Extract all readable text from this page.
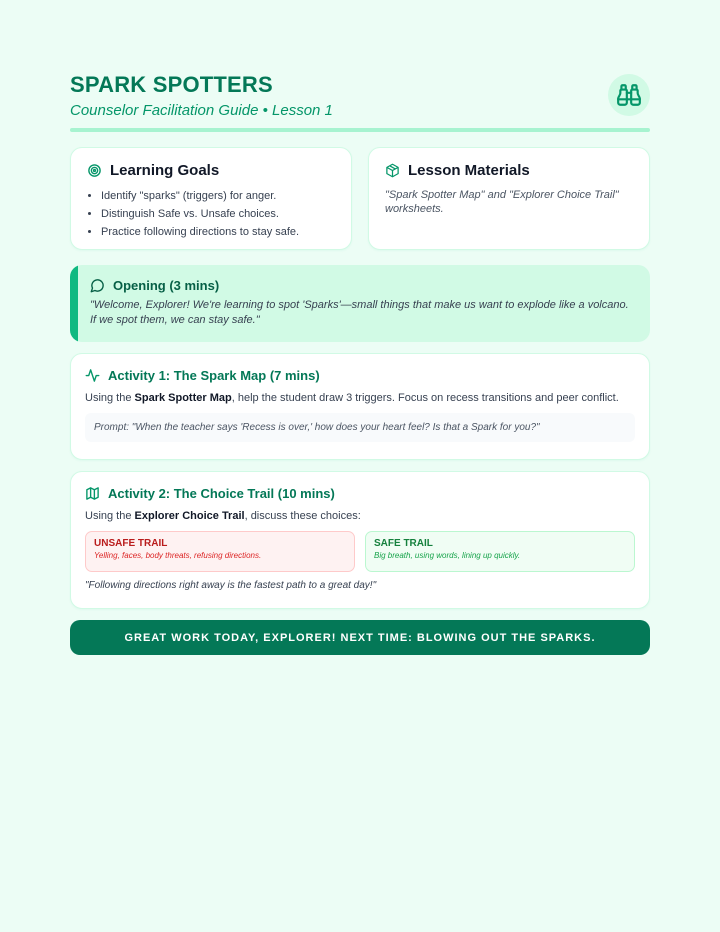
SPARK SPOTTERS
Counselor Facilitation Guide • Lesson 1
Learning Goals
• Identify "sparks" (triggers) for anger.
• Distinguish Safe vs. Unsafe choices.
• Practice following directions to stay safe.
Lesson Materials
"Spark Spotter Map" and "Explorer Choice Trail" worksheets.
Opening (3 mins)
"Welcome, Explorer! We're learning to spot 'Sparks'—small things that make us want to explode like a volcano. If we spot them, we can stay safe."
Activity 1: The Spark Map (7 mins)
Using the Spark Spotter Map, help the student draw 3 triggers. Focus on recess transitions and peer conflict.
Prompt: "When the teacher says 'Recess is over,' how does your heart feel? Is that a Spark for you?"
Activity 2: The Choice Trail (10 mins)
Using the Explorer Choice Trail, discuss these choices:
UNSAFE TRAIL
Yelling, faces, body threats, refusing directions.
SAFE TRAIL
Big breath, using words, lining up quickly.
"Following directions right away is the fastest path to a great day!"
GREAT WORK TODAY, EXPLORER! NEXT TIME: BLOWING OUT THE SPARKS.
